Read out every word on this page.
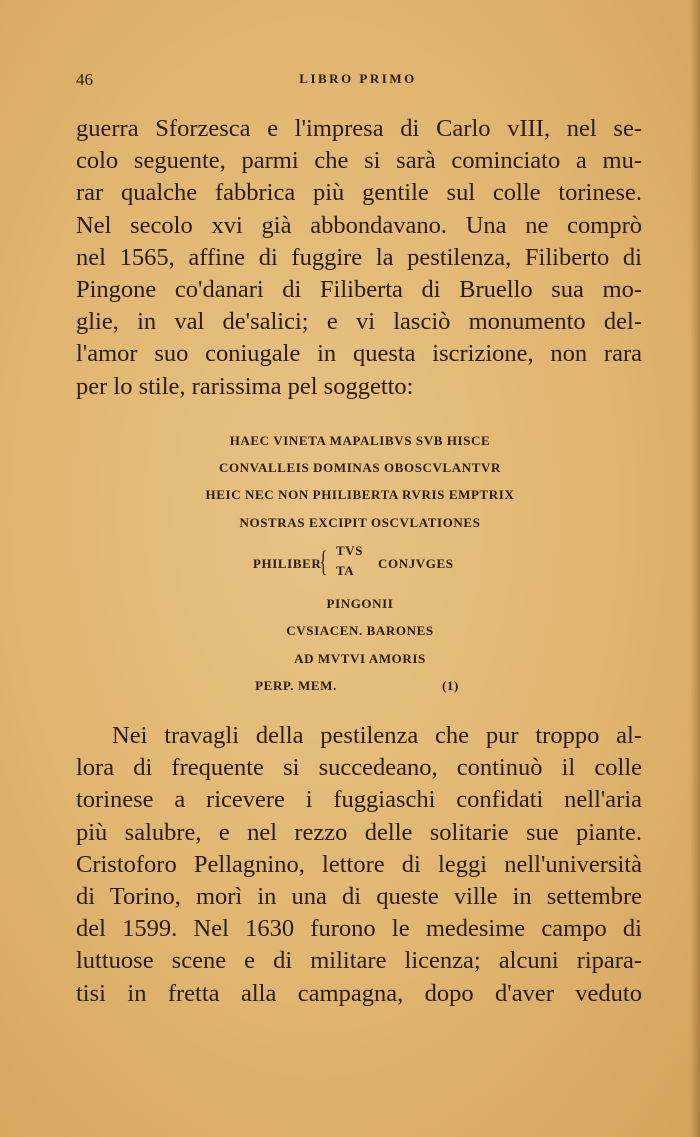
46	LIBRO PRIMO

guerra Sforzesca e l'impresa di Carlo vIII, nel se-
colo seguente, parmi che si sarà cominciato a mu-
rar qualche fabbrica più gentile sul colle torinese.
Nel secolo xvi già abbondavano. Una ne comprò
nel 1565, affine di fuggire la pestilenza, Filiberto di
Pingone co'danari di Filiberta di Bruello sua mo-
glie, in val de'salici; e vi lasciò monumento del-
l'amor suo coniugale in questa iscrizione, non rara
per lo stile, rarissima pel soggetto:

HAEC VINETA MAPALIBVS SVB HISCE
CONVALLEIS DOMINAS OBOSCVLANTVR
HEIC NEC NON PHILIBERTA RVRIS EMPTRIX
NOSTRAS EXCIPIT OSCVLATIONES
PHILIBER
{ TVS
TA CONJVGES
PINGONII
CVSIACEN. BARONES
AD MVTVI AMORIS
PERP. MEM.	(1)

Nei travagli della pestilenza che pur troppo al-
lora di frequente si succedeano, continuò il colle
torinese a ricevere i fuggiaschi confidati nell'aria
più salubre, e nel rezzo delle solitarie sue piante.
Cristoforo Pellagnino, lettore di leggi nell'università
di Torino, morì in una di queste ville in settembre
del 1599. Nel 1630 furono le medesime campo di
luttuose scene e di militare licenza; alcuni ripara-
tisi in fretta alla campagna, dopo d'aver veduto
